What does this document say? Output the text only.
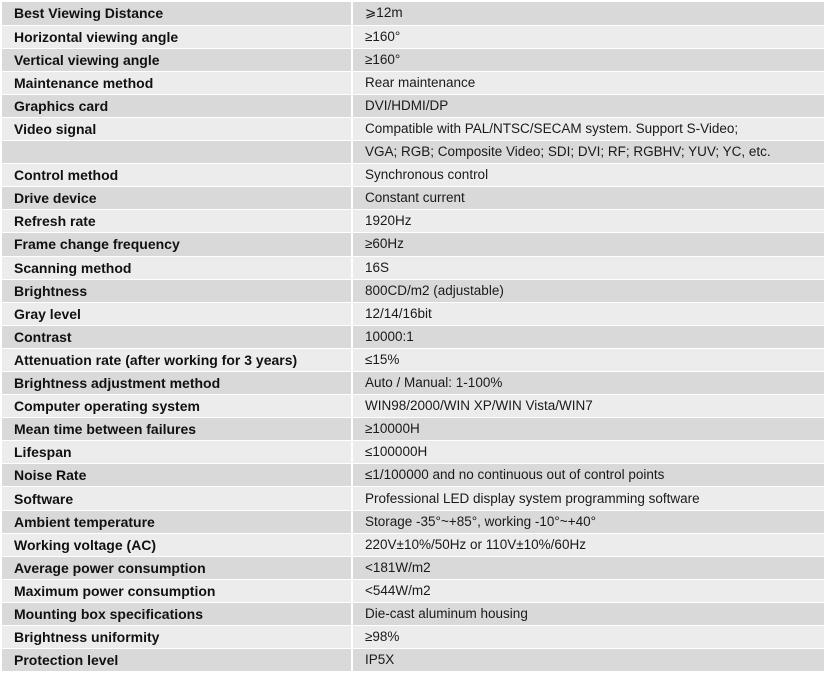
Best Viewing Distance	⩾12m
Horizontal viewing angle	≥160°
Vertical viewing angle	≥160°
Maintenance method	Rear maintenance
Graphics card	DVI/HDMI/DP
Video signal	Compatible with PAL/NTSC/SECAM system. Support S-Video;
	VGA; RGB; Composite Video; SDI; DVI; RF; RGBHV; YUV; YC, etc.
Control method	Synchronous control
Drive device	Constant current
Refresh rate	1920Hz
Frame change frequency	≥60Hz
Scanning method	16S
Brightness	800CD/m2 (adjustable)
Gray level	12/14/16bit
Contrast	10000:1
Attenuation rate (after working for 3 years)	≤15%
Brightness adjustment method	Auto / Manual: 1-100%
Computer operating system	WIN98/2000/WIN XP/WIN Vista/WIN7
Mean time between failures	≥10000H
Lifespan	≤100000H
Noise Rate	≤1/100000 and no continuous out of control points
Software	Professional LED display system programming software
Ambient temperature	Storage -35°~+85°, working -10°~+40°
Working voltage (AC)	220V±10%/50Hz or 110V±10%/60Hz
Average power consumption	<181W/m2
Maximum power consumption	<544W/m2
Mounting box specifications	Die-cast aluminum housing
Brightness uniformity	≥98%
Protection level	IP5X
